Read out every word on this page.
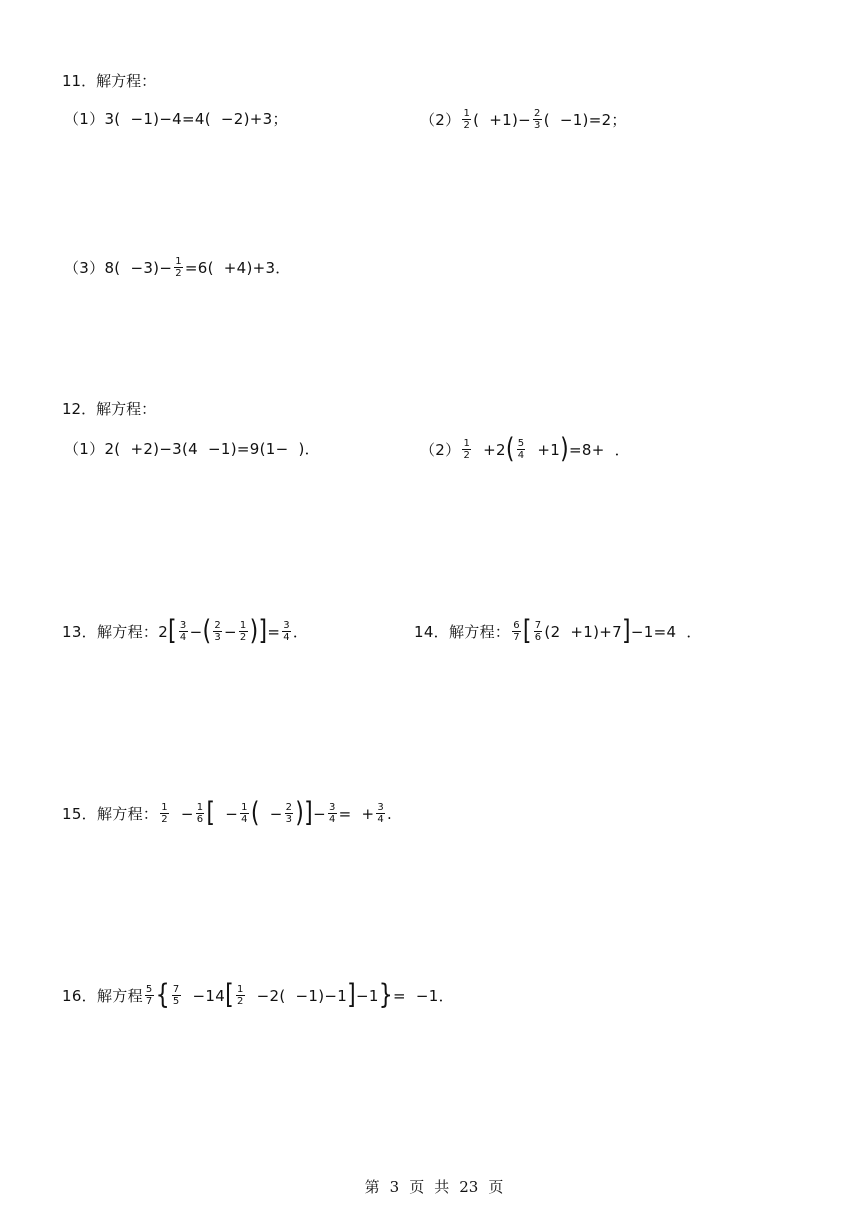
11．解方程：
（1） 3( −1)−4=4( −2)+3；	$(2) \frac{1}{2}$ ( $+1)- \frac{2}{3}$ ( −1)=2；
（3） $8( -3)- \frac{1}{2} =6( +4)+3$．
12．解方程：
（1） 2( +2)−3(4 −1)=9(1− )．	$(2) \frac{1}{2} +2$ ( $\frac{5}{4} +1$ ) =8+ ．
13．解方程： 2 [ $\frac{3}{4}$ − ( $\frac{2}{3} - \frac{1}{2}$ ) ] = $\frac{3}{4}$ ．	14．解方程： $\frac{6}{7}$ [ $\frac{7}{6} (2 +1)+7$ ] −1=4 ．
15．解方程： $\frac{1}{2} - \frac{1}{6}$ [ − $\frac{1}{4}$ ( − $\frac{2}{3}$ ) ] − $\frac{3}{4}$ = + $\frac{3}{4}$ .
16．解方程 $\frac{5}{7}$ { $\frac{7}{5} -14$ [ $\frac{1}{2} -2( -1)-1$ ] −1 } = −1．
第 3 页 共 23 页
